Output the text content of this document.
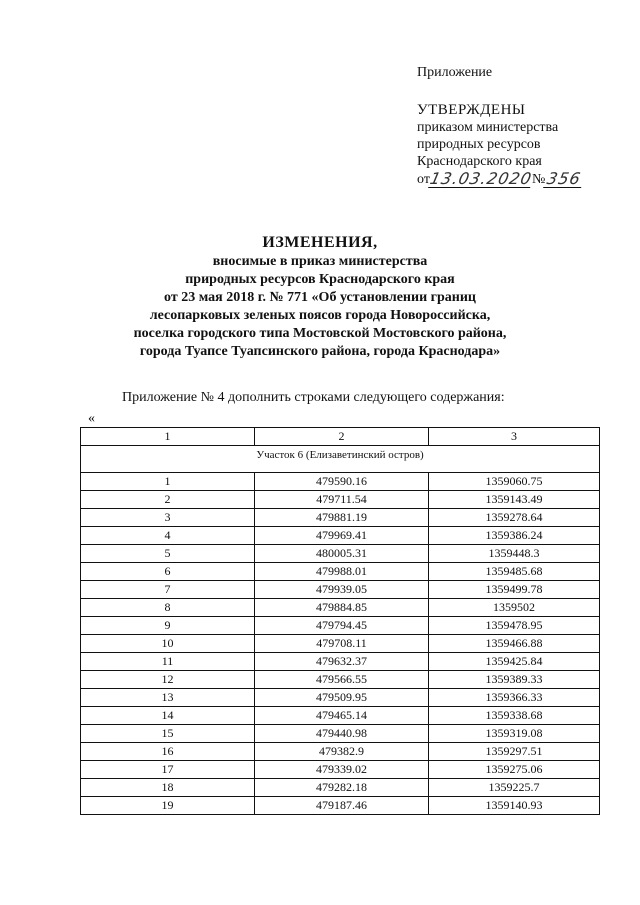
Приложение
УТВЕРЖДЕНЫ
приказом министерства
природных ресурсов
Краснодарского края
от
13.03.2020
№ 356
ИЗМЕНЕНИЯ,
вносимые в приказ министерства
природных ресурсов Краснодарского края
от 23 мая 2018 г. № 771 «Об установлении границ
лесопарковых зеленых поясов города Новороссийска,
поселка городского типа Мостовской Мостовского района,
города Туапсе Туапсинского района, города Краснодара»
Приложение № 4 дополнить строками следующего содержания:
«
1	2	3
Участок 6 (Елизаветинский остров)		
1	479590.16	1359060.75
2	479711.54	1359143.49
3	479881.19	1359278.64
4	479969.41	1359386.24
5	480005.31	1359448.3
6	479988.01	1359485.68
7	479939.05	1359499.78
8	479884.85	1359502
9	479794.45	1359478.95
10	479708.11	1359466.88
11	479632.37	1359425.84
12	479566.55	1359389.33
13	479509.95	1359366.33
14	479465.14	1359338.68
15	479440.98	1359319.08
16	479382.9	1359297.51
17	479339.02	1359275.06
18	479282.18	1359225.7
19	479187.46	1359140.93
